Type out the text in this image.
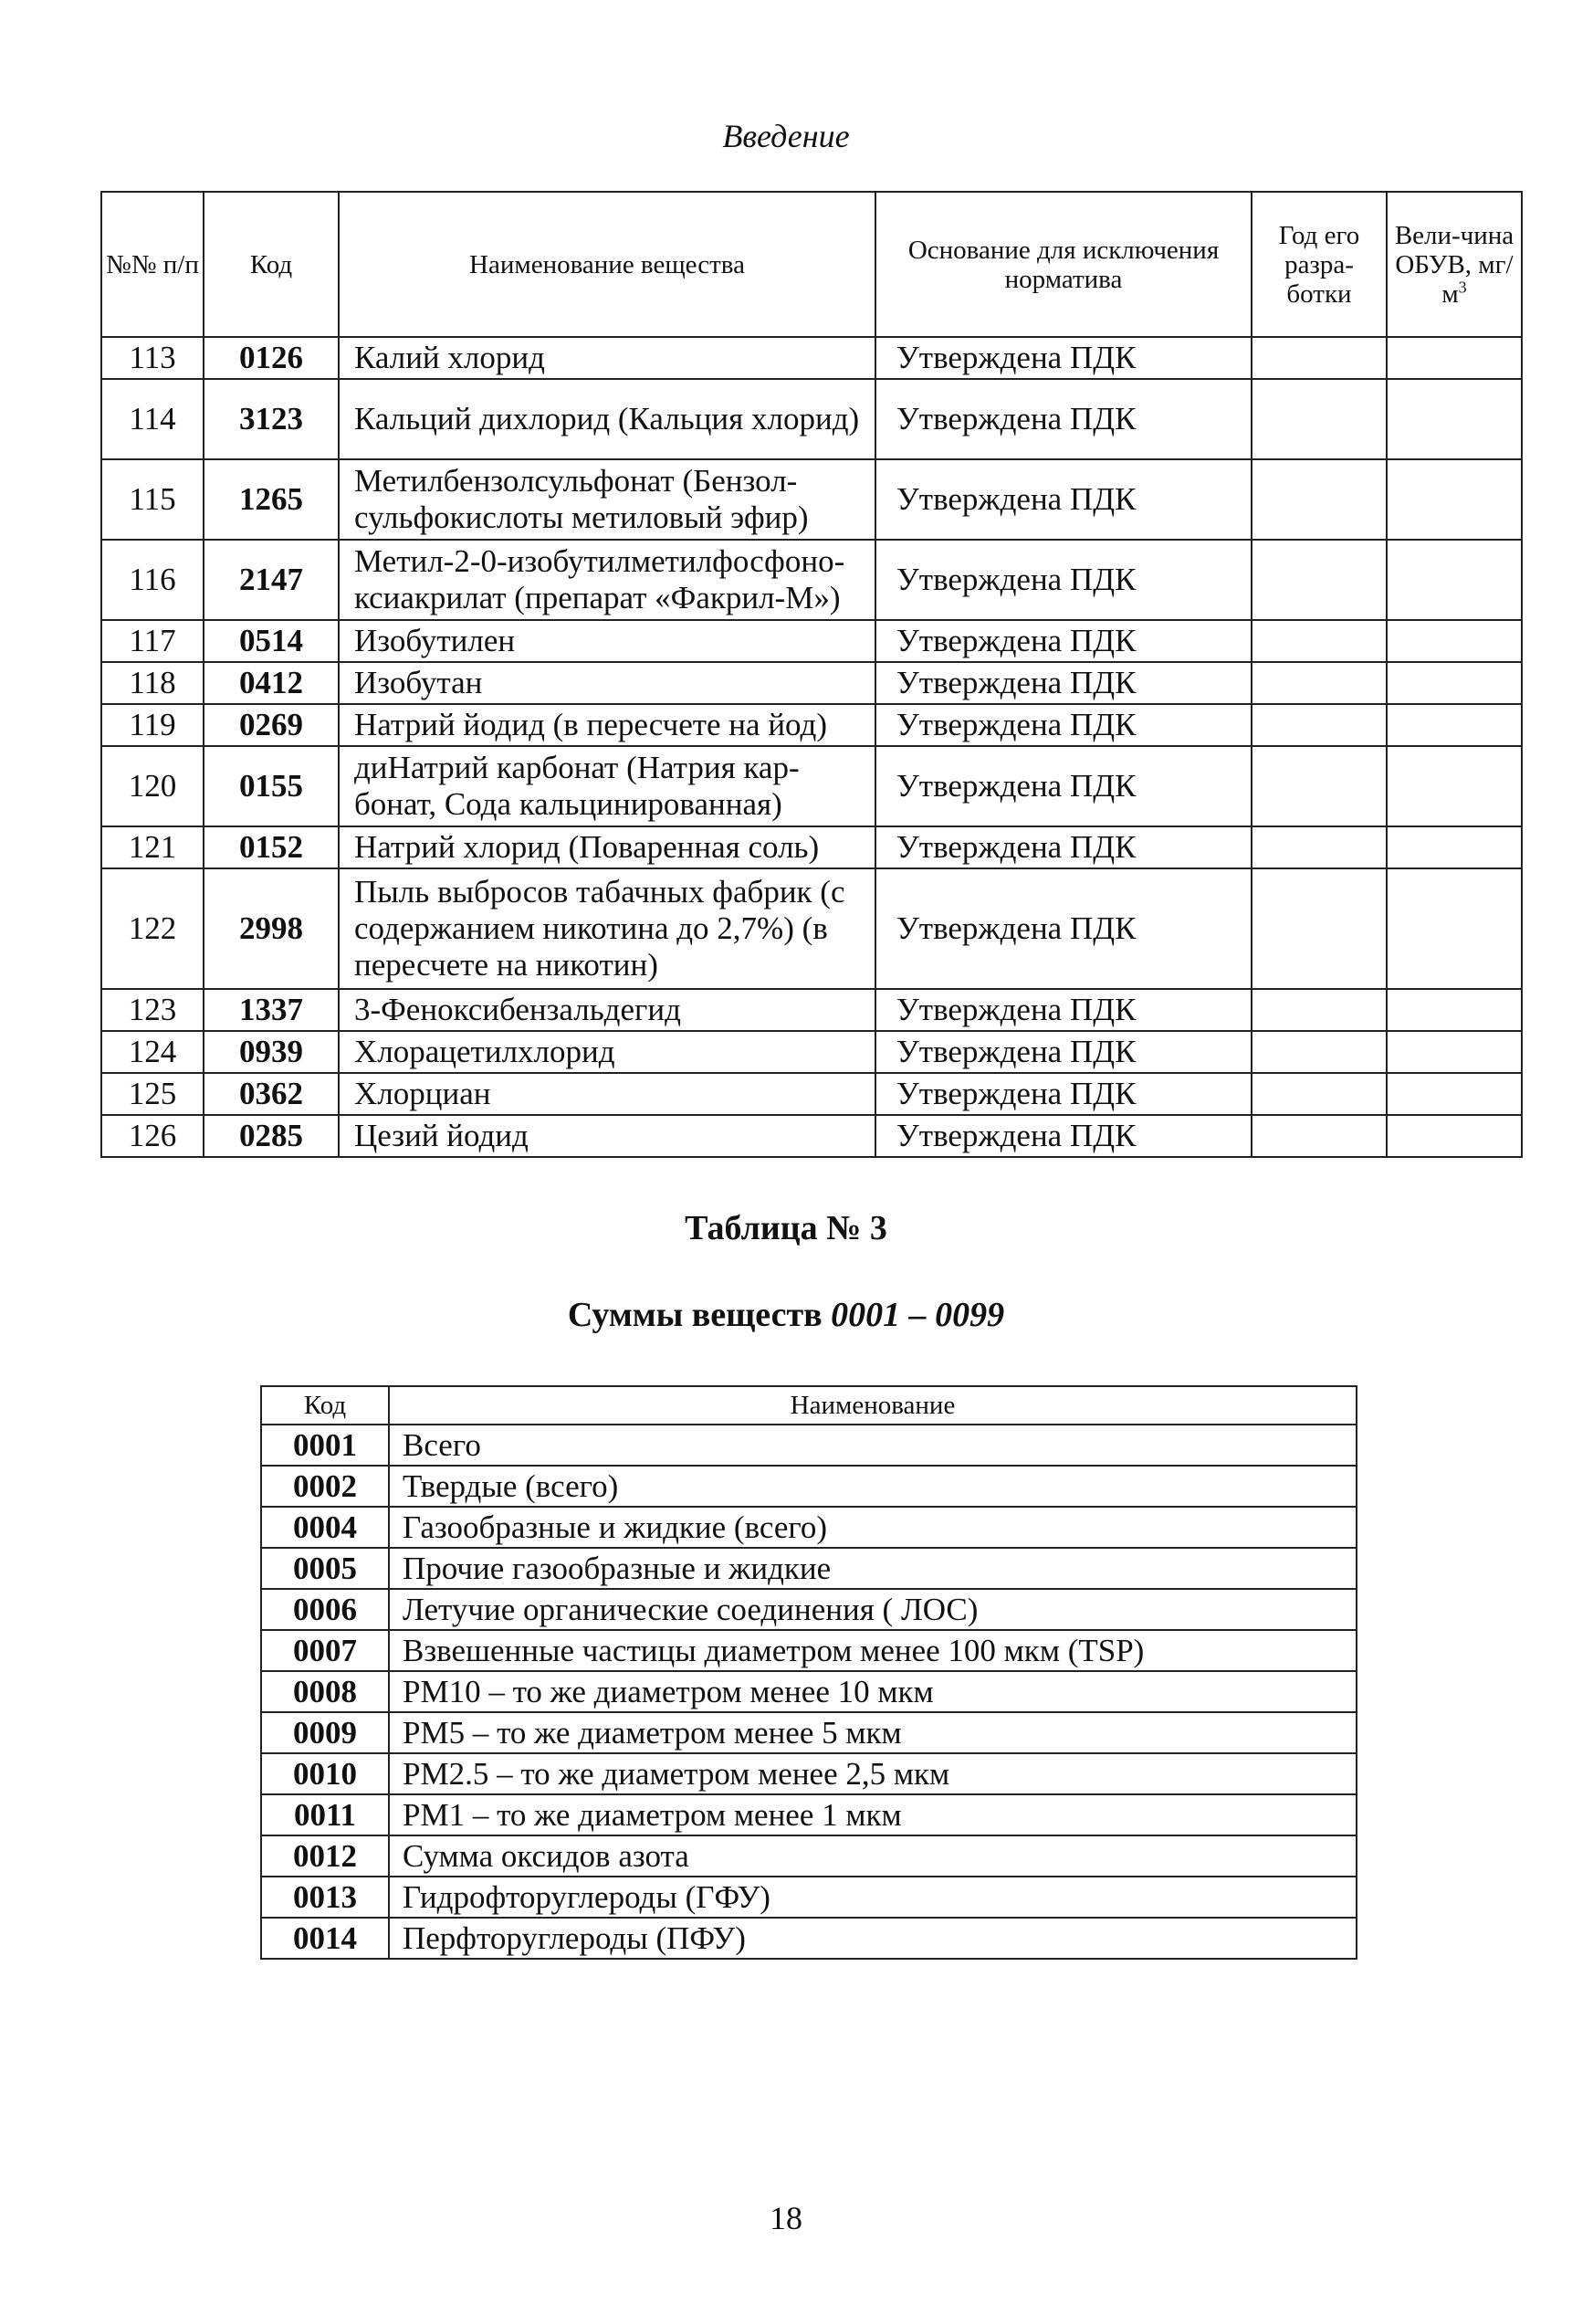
Введение
№№ п/п	Код	Наименование вещества	Основание для исключения норматива	Год его разра-ботки	Вели-чина ОБУВ, $мг/м^3$
113	0126	Калий хлорид	Утверждена ПДК		
114	3123	Кальций дихлорид (Кальция хлорид)	Утверждена ПДК		
115	1265	Метилбензолсульфонат (Бензол-сульфокислоты метиловый эфир)	Утверждена ПДК		
116	2147	Метил-2-0-изобутилметилфосфоно-ксиакрилат (препарат «Факрил-М»)	Утверждена ПДК		
117	0514	Изобутилен	Утверждена ПДК		
118	0412	Изобутан	Утверждена ПДК		
119	0269	Натрий йодид (в пересчете на йод)	Утверждена ПДК		
120	0155	диНатрий карбонат (Натрия кар-бонат, Сода кальцинированная)	Утверждена ПДК		
121	0152	Натрий хлорид (Поваренная соль)	Утверждена ПДК		
122	2998	Пыль выбросов табачных фабрик (с содержанием никотина до 2,7%) (в пересчете на никотин)	Утверждена ПДК		
123	1337	3-Феноксибензальдегид	Утверждена ПДК		
124	0939	Хлорацетилхлорид	Утверждена ПДК		
125	0362	Хлорциан	Утверждена ПДК		
126	0285	Цезий йодид	Утверждена ПДК		
Таблица № 3
Суммы веществ 0001 – 0099
Код	Наименование
0001	Всего
0002	Твердые (всего)
0004	Газообразные и жидкие (всего)
0005	Прочие газообразные и жидкие
0006	Летучие органические соединения ( ЛОС)
0007	Взвешенные частицы диаметром менее 100 мкм (TSP)
0008	РМ10 – то же диаметром менее 10 мкм
0009	РМ5 – то же диаметром менее 5 мкм
0010	РМ2.5 – то же диаметром менее 2,5 мкм
0011	РМ1 – то же диаметром менее 1 мкм
0012	Сумма оксидов азота
0013	Гидрофторуглероды (ГФУ)
0014	Перфторуглероды (ПФУ)
18
